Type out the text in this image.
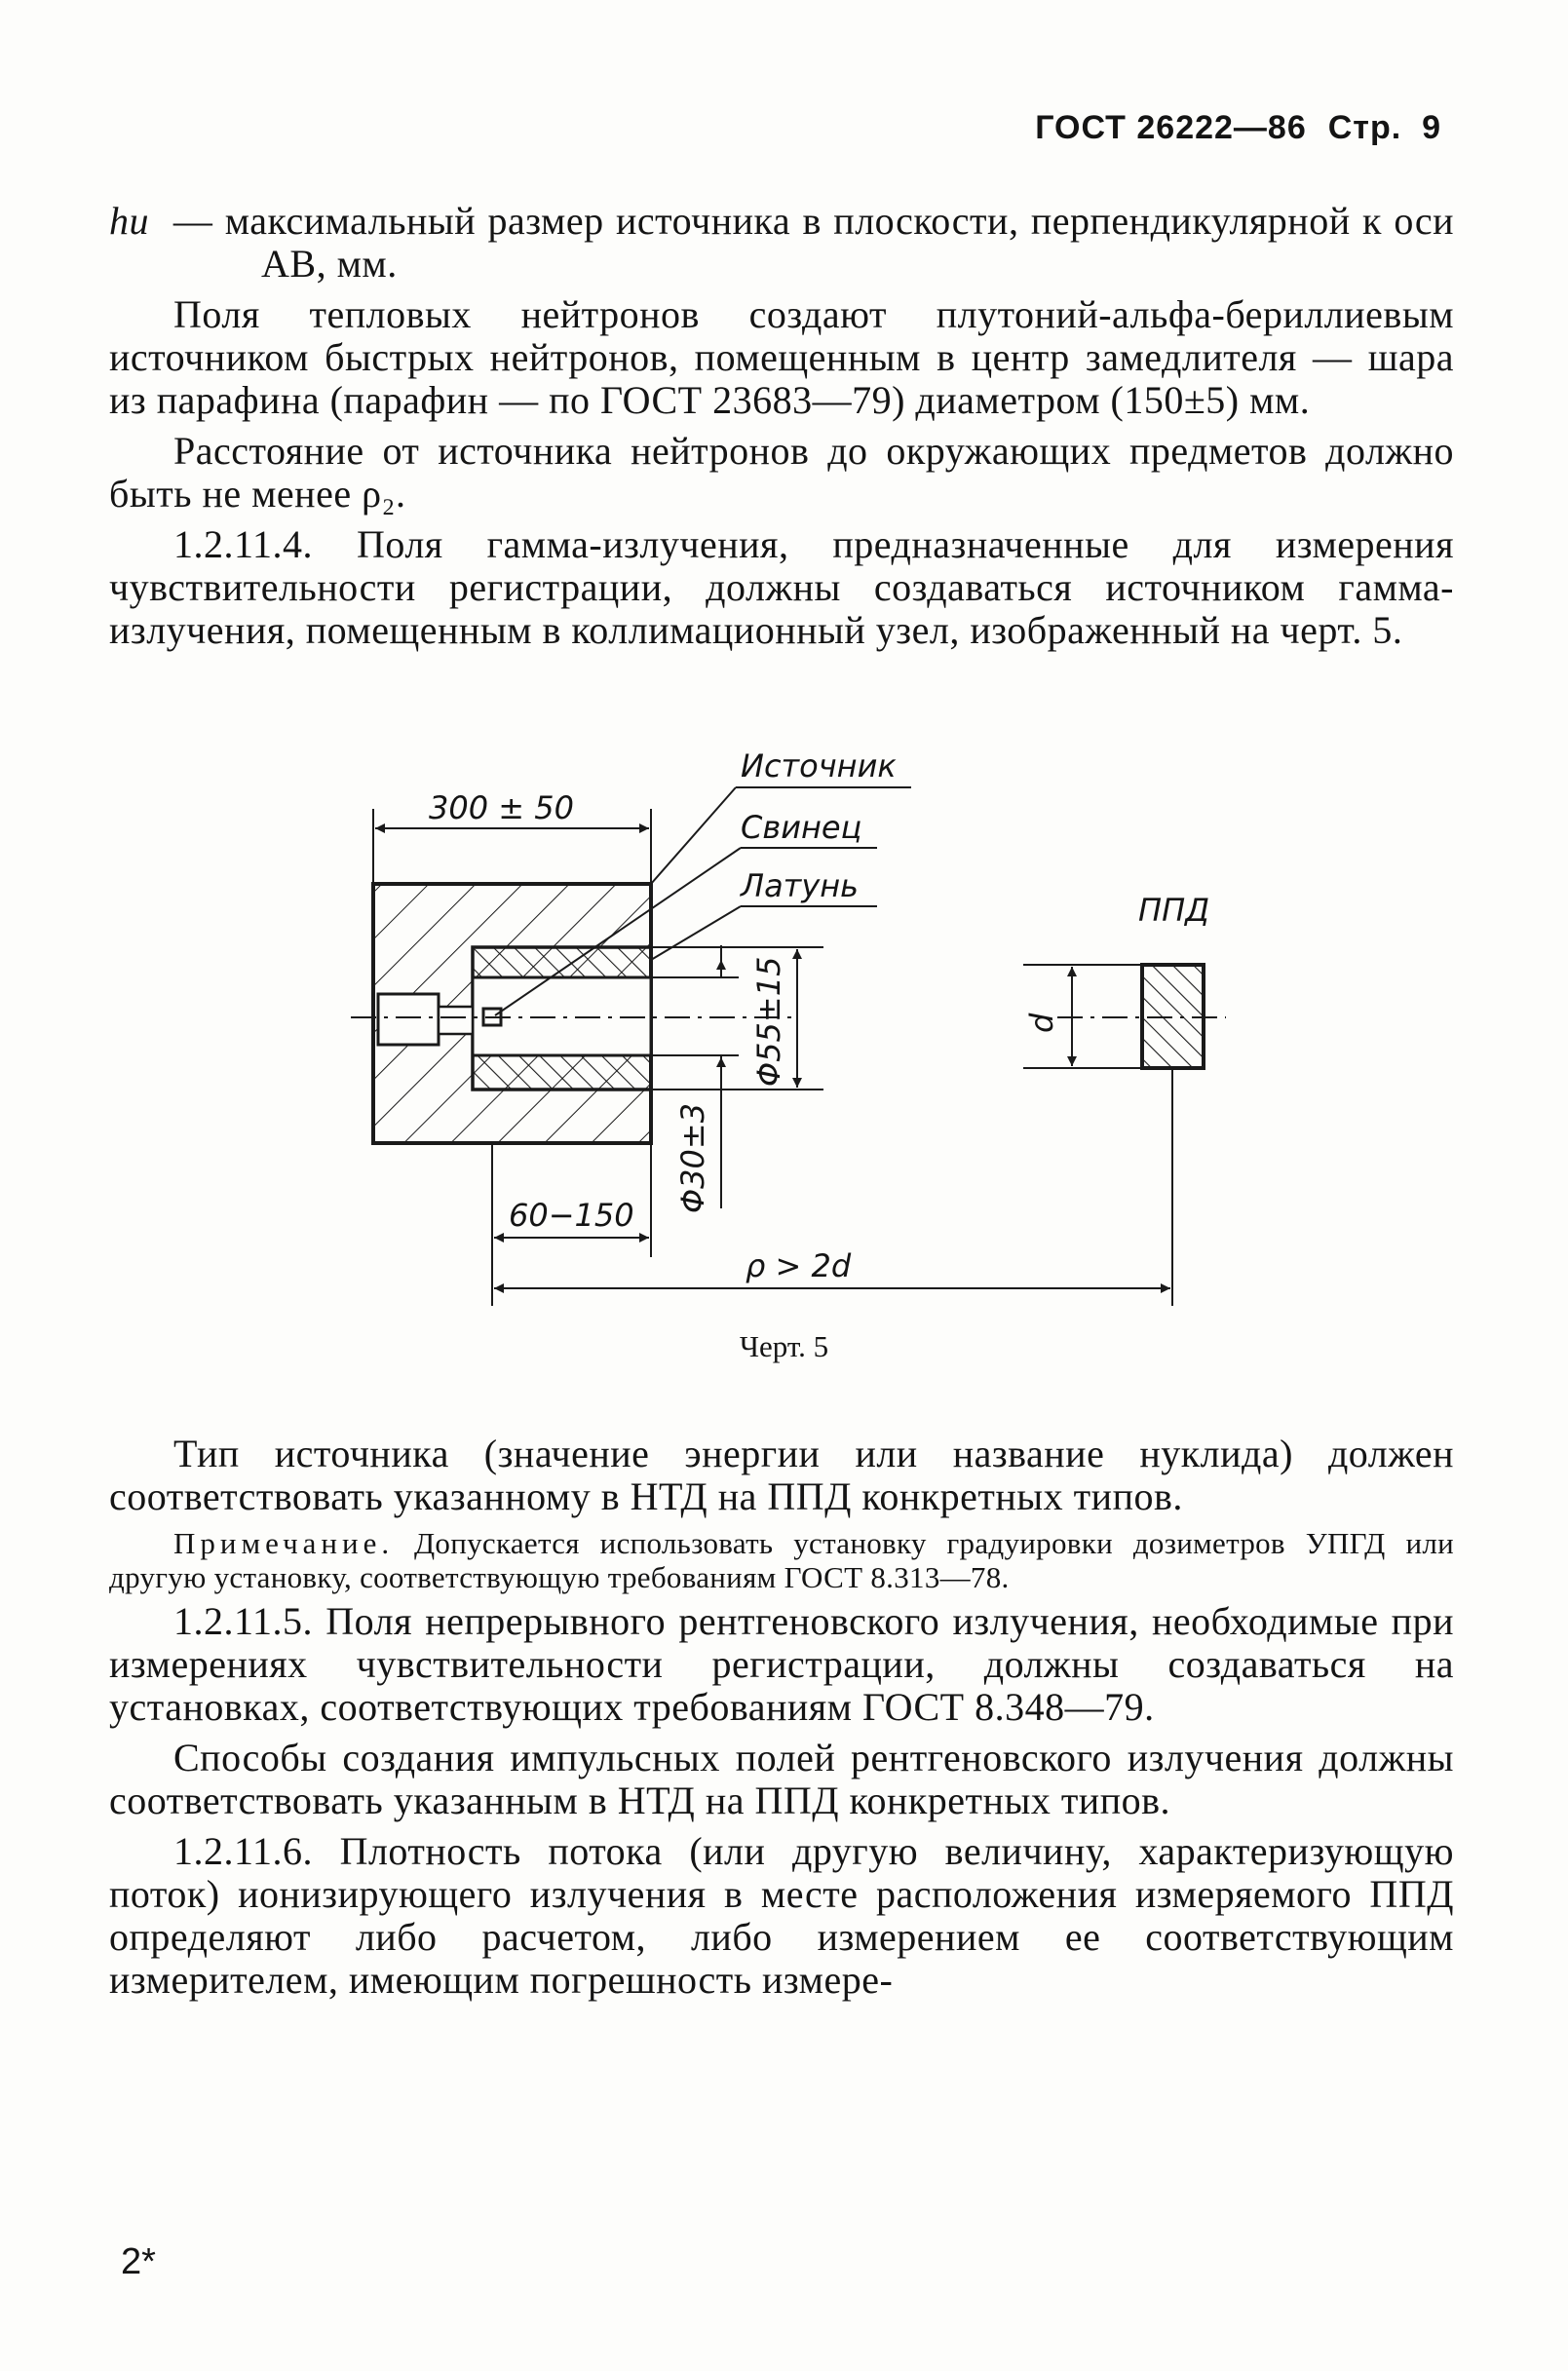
ГОСТ 26222—86 Стр. 9

hи — максимальный размер источника в плоскости, перпендикулярной к оси AB, мм.

Поля тепловых нейтронов создают плутоний-альфа-бериллиевым источником быстрых нейтронов, помещенным в центр замедлителя — шара из парафина (парафин — по ГОСТ 23683—79) диаметром (150±5) мм.

Расстояние от источника нейтронов до окружающих предметов должно быть не менее ρ₂.

1.2.11.4. Поля гамма-излучения, предназначенные для измерения чувствительности регистрации, должны создаваться источником гамма-излучения, помещенным в коллимационный узел, изображенный на черт. 5.

Источник
Свинец
Латунь
300 ± 50
60−150
Φ55±15
Φ30±3
d
ППД
ρ > 2d
Черт. 5

Тип источника (значение энергии или название нуклида) должен соответствовать указанному в НТД на ППД конкретных типов.

Примечание. Допускается использовать установку градуировки дозиметров УПГД или другую установку, соответствующую требованиям ГОСТ 8.313—78.

1.2.11.5. Поля непрерывного рентгеновского излучения, необходимые при измерениях чувствительности регистрации, должны создаваться на установках, соответствующих требованиям ГОСТ 8.348—79.

Способы создания импульсных полей рентгеновского излучения должны соответствовать указанным в НТД на ППД конкретных типов.

1.2.11.6. Плотность потока (или другую величину, характеризующую поток) ионизирующего излучения в месте расположения измеряемого ППД определяют либо расчетом, либо измерением ее соответствующим измерителем, имеющим погрешность измере-

2*
